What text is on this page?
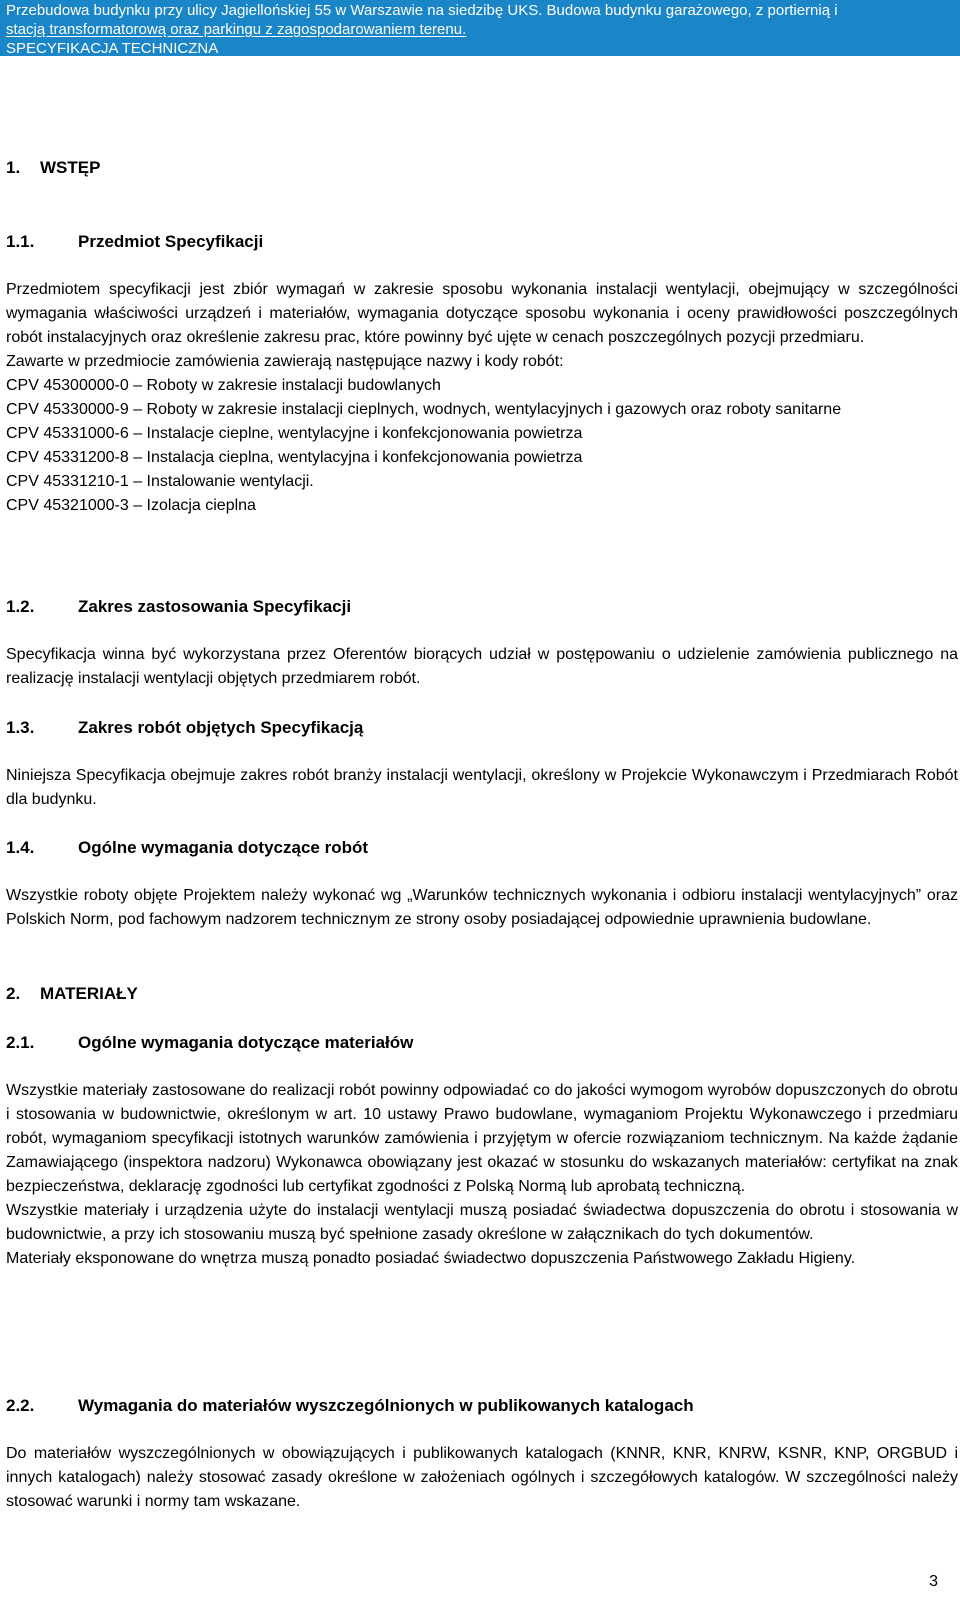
Przebudowa budynku przy ulicy Jagiellońskiej 55 w Warszawie na siedzibę UKS. Budowa budynku garażowego, z portiernią i
stacją transformatorową oraz parkingu z zagospodarowaniem terenu.
SPECYFIKACJA TECHNICZNA
1. WSTĘP
1.1.	Przedmiot Specyfikacji

Przedmiotem specyfikacji jest zbiór wymagań w zakresie sposobu wykonania instalacji wentylacji, obejmujący w szczególności wymagania właściwości urządzeń i materiałów, wymagania dotyczące sposobu wykonania i oceny prawidłowości poszczególnych robót instalacyjnych oraz określenie zakresu prac, które powinny być ujęte w cenach poszczególnych pozycji przedmiaru.

Zawarte w przedmiocie zamówienia zawierają następujące nazwy i kody robót:

CPV 45300000-0 – Roboty w zakresie instalacji budowlanych

CPV 45330000-9 – Roboty w zakresie instalacji cieplnych, wodnych, wentylacyjnych i gazowych oraz roboty sanitarne

CPV 45331000-6 – Instalacje cieplne, wentylacyjne i konfekcjonowania powietrza

CPV 45331200-8 – Instalacja cieplna, wentylacyjna i konfekcjonowania powietrza

CPV 45331210-1 – Instalowanie wentylacji.

CPV 45321000-3 – Izolacja cieplna

1.2.	Zakres zastosowania Specyfikacji

Specyfikacja winna być wykorzystana przez Oferentów biorących udział w postępowaniu o udzielenie zamówienia publicznego na realizację instalacji wentylacji objętych przedmiarem robót.

1.3.	Zakres robót objętych Specyfikacją

Niniejsza Specyfikacja obejmuje zakres robót branży instalacji wentylacji, określony w Projekcie Wykonawczym i Przedmiarach Robót dla budynku.

1.4.	Ogólne wymagania dotyczące robót

Wszystkie roboty objęte Projektem należy wykonać wg „Warunków technicznych wykonania i odbioru instalacji wentylacyjnych” oraz Polskich Norm, pod fachowym nadzorem technicznym ze strony osoby posiadającej odpowiednie uprawnienia budowlane.

2. MATERIAŁY
2.1.	Ogólne wymagania dotyczące materiałów

Wszystkie materiały zastosowane do realizacji robót powinny odpowiadać co do jakości wymogom wyrobów dopuszczonych do obrotu i stosowania w budownictwie, określonym w art. 10 ustawy Prawo budowlane, wymaganiom Projektu Wykonawczego i przedmiaru robót, wymaganiom specyfikacji istotnych warunków zamówienia i przyjętym w ofercie rozwiązaniom technicznym. Na każde żądanie Zamawiającego (inspektora nadzoru) Wykonawca obowiązany jest okazać w stosunku do wskazanych materiałów: certyfikat na znak bezpieczeństwa, deklarację zgodności lub certyfikat zgodności z Polską Normą lub aprobatą techniczną.

Wszystkie materiały i urządzenia użyte do instalacji wentylacji muszą posiadać świadectwa dopuszczenia do obrotu i stosowania w budownictwie, a przy ich stosowaniu muszą być spełnione zasady określone w załącznikach do tych dokumentów.

Materiały eksponowane do wnętrza muszą ponadto posiadać świadectwo dopuszczenia Państwowego Zakładu Higieny.

2.2.	Wymagania do materiałów wyszczególnionych w publikowanych katalogach

Do materiałów wyszczególnionych w obowiązujących i publikowanych katalogach (KNNR, KNR, KNRW, KSNR, KNP, ORGBUD i innych katalogach) należy stosować zasady określone w założeniach ogólnych i szczegółowych katalogów. W szczególności należy stosować warunki i normy tam wskazane.

3
